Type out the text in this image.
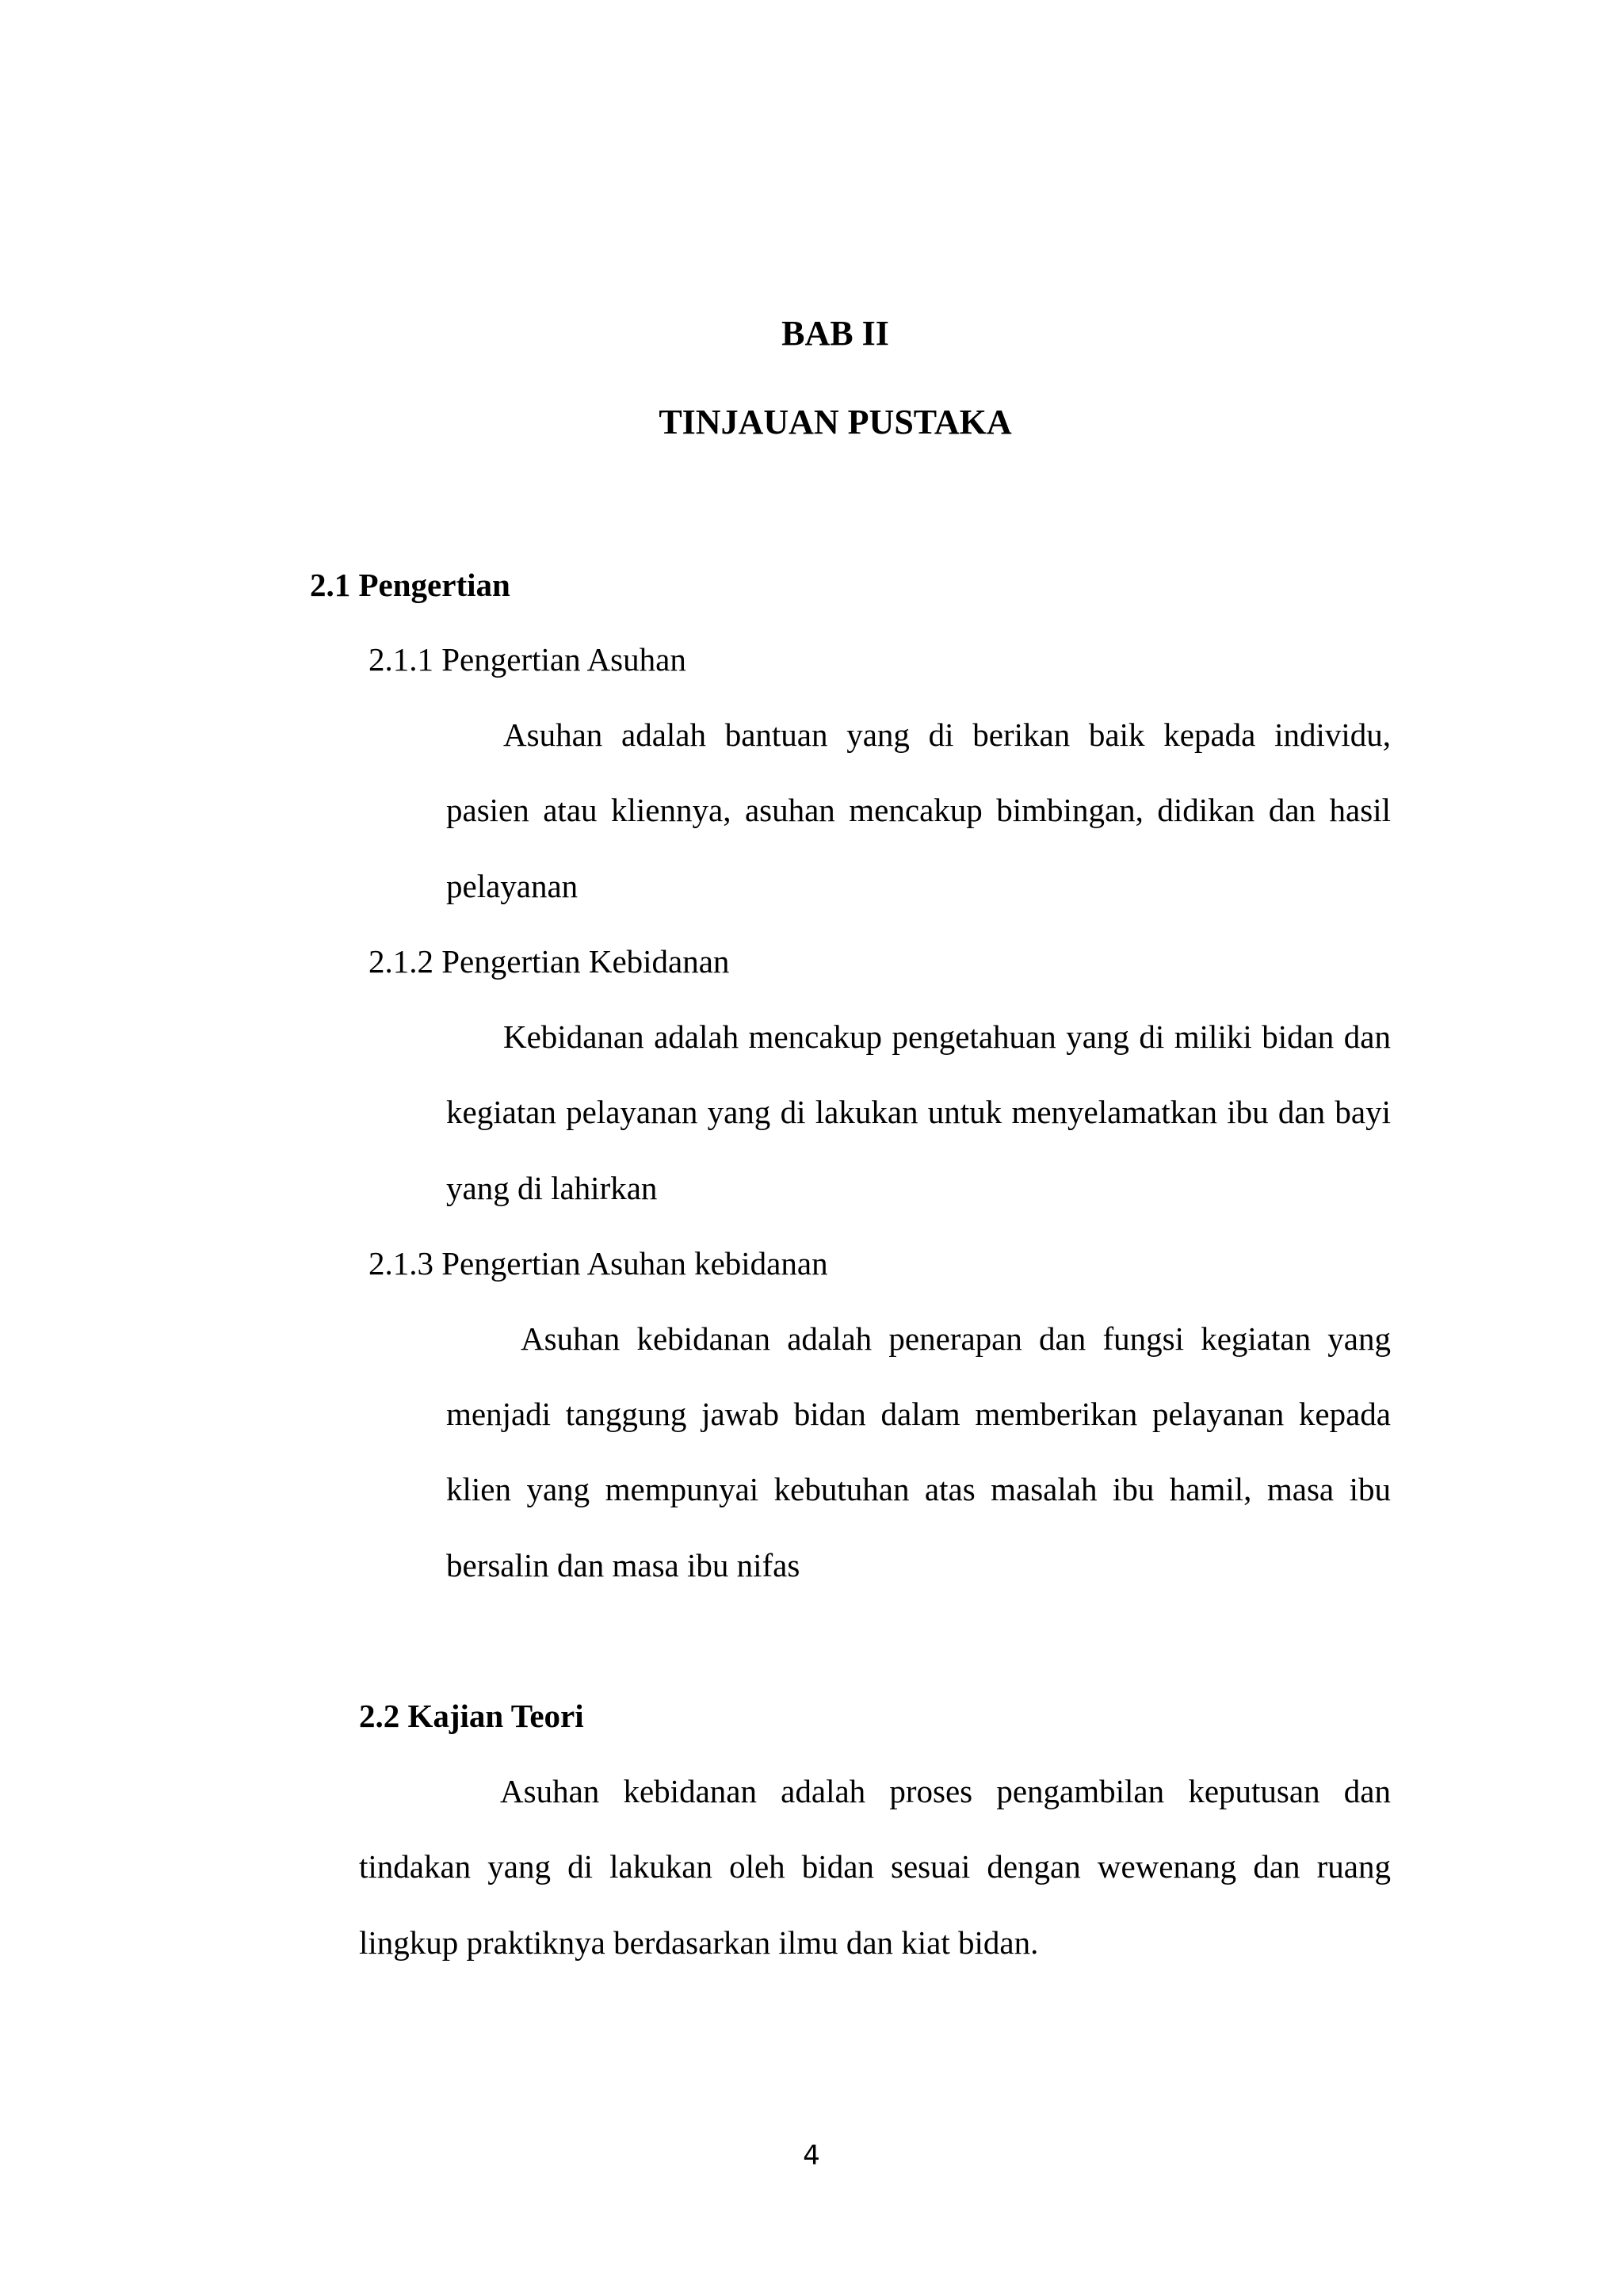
BAB II
TINJAUAN PUSTAKA
2.1 Pengertian
2.1.1 Pengertian Asuhan
Asuhan adalah bantuan yang di berikan baik kepada individu,
pasien atau kliennya, asuhan mencakup bimbingan, didikan dan hasil
pelayanan
2.1.2 Pengertian Kebidanan
Kebidanan adalah mencakup pengetahuan yang di miliki bidan dan
kegiatan pelayanan yang di lakukan untuk menyelamatkan ibu dan bayi
yang di lahirkan
2.1.3 Pengertian Asuhan kebidanan
Asuhan kebidanan adalah penerapan dan fungsi kegiatan yang
menjadi tanggung jawab bidan dalam memberikan pelayanan kepada
klien yang mempunyai kebutuhan atas masalah ibu hamil, masa ibu
bersalin dan masa ibu nifas
2.2 Kajian Teori
Asuhan kebidanan adalah proses pengambilan keputusan dan
tindakan yang di lakukan oleh bidan sesuai dengan wewenang dan ruang
lingkup praktiknya berdasarkan ilmu dan kiat bidan.
4
